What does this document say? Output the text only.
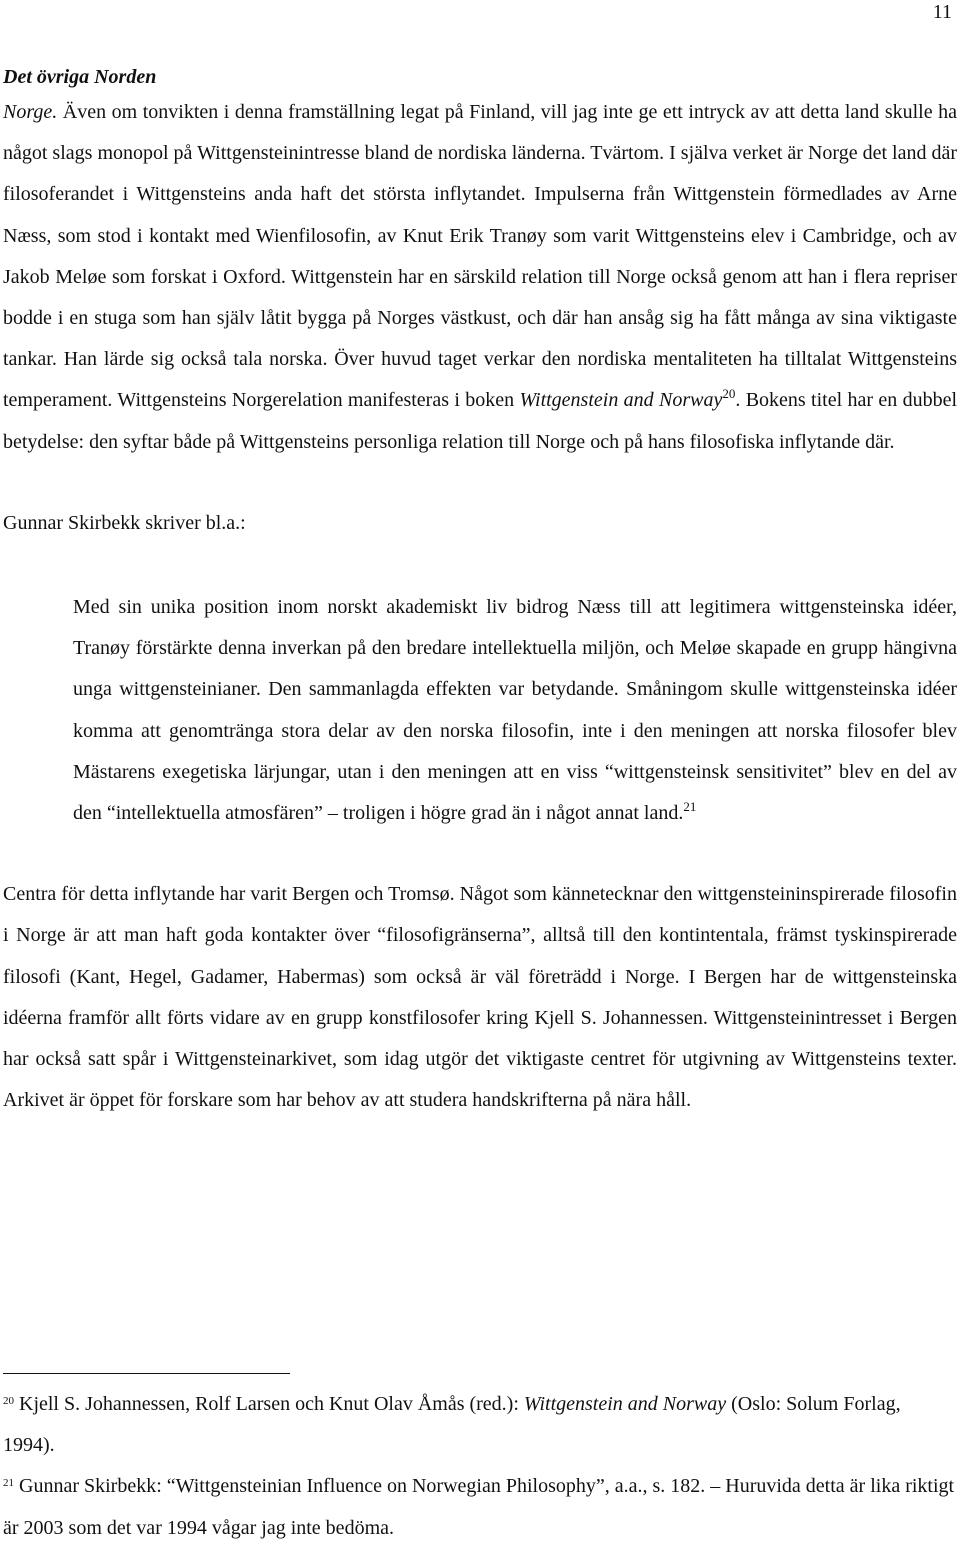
11
Det övriga Norden

Norge. Även om tonvikten i denna framställning legat på Finland, vill jag inte ge ett intryck av att detta land skulle ha något slags monopol på Wittgensteinintresse bland de nordiska länderna. Tvärtom. I själva verket är Norge det land där filosoferandet i Wittgensteins anda haft det största inflytandet. Impulserna från Wittgenstein förmedlades av Arne Næss, som stod i kontakt med Wienfilosofin, av Knut Erik Tranøy som varit Wittgensteins elev i Cambridge, och av Jakob Meløe som forskat i Oxford. Wittgenstein har en särskild relation till Norge också genom att han i flera repriser bodde i en stuga som han själv låtit bygga på Norges västkust, och där han ansåg sig ha fått många av sina viktigaste tankar. Han lärde sig också tala norska. Över huvud taget verkar den nordiska mentaliteten ha tilltalat Wittgensteins temperament. Wittgensteins Norgerelation manifesteras i boken Wittgenstein and Norway$^{20}$. Bokens titel har en dubbel betydelse: den syftar både på Wittgensteins personliga relation till Norge och på hans filosofiska inflytande där.

Gunnar Skirbekk skriver bl.a.:

Med sin unika position inom norskt akademiskt liv bidrog Næss till att legitimera wittgensteinska idéer, Tranøy förstärkte denna inverkan på den bredare intellektuella miljön, och Meløe skapade en grupp hängivna unga wittgensteinianer. Den sammanlagda effekten var betydande. Småningom skulle wittgensteinska idéer komma att genomtränga stora delar av den norska filosofin, inte i den meningen att norska filosofer blev Mästarens exegetiska lärjungar, utan i den meningen att en viss “wittgensteinsk sensitivitet” blev en del av den “intellektuella atmosfären” – troligen i högre grad än i något annat land.$^{21}$

Centra för detta inflytande har varit Bergen och Tromsø. Något som kännetecknar den wittgensteininspirerade filosofin i Norge är att man haft goda kontakter över “filosofigränserna”, alltså till den kontintentala, främst tyskinspirerade filosofi (Kant, Hegel, Gadamer, Habermas) som också är väl företrädd i Norge. I Bergen har de wittgensteinska idéerna framför allt förts vidare av en grupp konstfilosofer kring Kjell S. Johannessen. Wittgensteinintresset i Bergen har också satt spår i Wittgensteinarkivet, som idag utgör det viktigaste centret för utgivning av Wittgensteins texter. Arkivet är öppet för forskare som har behov av att studera handskrifterna på nära håll.

$^{20}$ Kjell S. Johannessen, Rolf Larsen och Knut Olav Åmås (red.): Wittgenstein and Norway (Oslo: Solum Forlag, 1994).

$^{21}$ Gunnar Skirbekk: “Wittgensteinian Influence on Norwegian Philosophy”, a.a., s. 182. – Huruvida detta är lika riktigt är 2003 som det var 1994 vågar jag inte bedöma.
